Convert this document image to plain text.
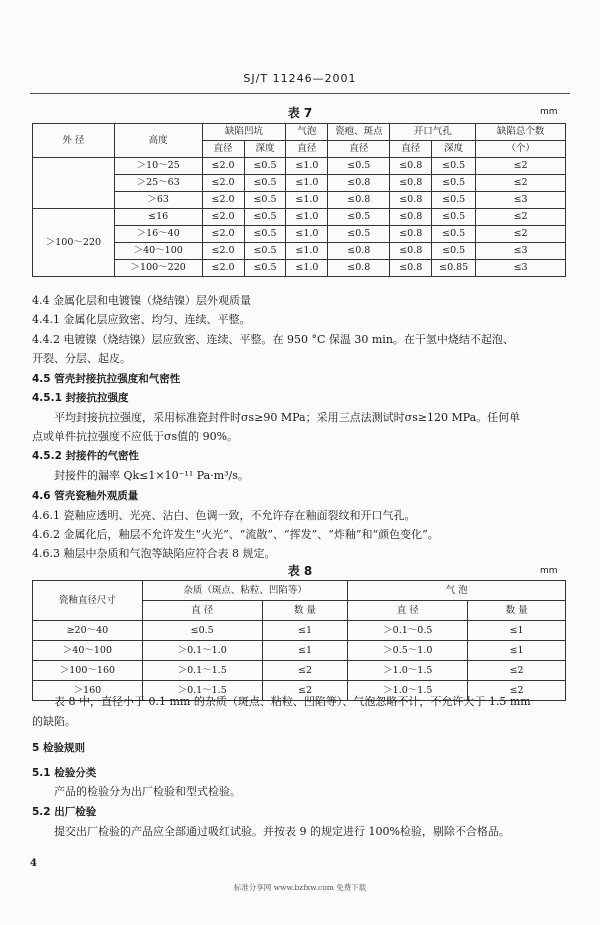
SJ/T 11246—2001
表 7	mm
外 径	高度	缺陷凹坑		气泡	瓷疱、斑点	开口气孔		缺陷总个数
		直径	深度	直径	直径	直径	深度	（个）
	＞10～25	≤2.0	≤0.5	≤1.0	≤0.5	≤0.8	≤0.5	≤2
	＞25～63	≤2.0	≤0.5	≤1.0	≤0.8	≤0.8	≤0.5	≤2
	＞63	≤2.0	≤0.5	≤1.0	≤0.8	≤0.8	≤0.5	≤3
＞100～220	≤16	≤2.0	≤0.5	≤1.0	≤0.5	≤0.8	≤0.5	≤2
	＞16～40	≤2.0	≤0.5	≤1.0	≤0.5	≤0.8	≤0.5	≤2
	＞40～100	≤2.0	≤0.5	≤1.0	≤0.8	≤0.8	≤0.5	≤3
	＞100～220	≤2.0	≤0.5	≤1.0	≤0.8	≤0.8	≤0.85	≤3
4.4 金属化层和电镀镍（烧结镍）层外观质量
4.4.1 金属化层应致密、均匀、连续、平整。
4.4.2 电镀镍（烧结镍）层应致密、连续、平整。在 950 °C 保温 30 min。在干氢中烧结不起泡、
开裂、分层、起皮。
4.5 管壳封接抗拉强度和气密性
4.5.1 封接抗拉强度
平均封接抗拉强度，采用标准瓷封件时σs≥90 MPa；采用三点法测试时σs≥120 MPa。任何单
点或单件抗拉强度不应低于σs值的 90%。
4.5.2 封接件的气密性
封接件的漏率 Qk≤1×10⁻¹¹ Pa·m³/s。
4.6 管壳瓷釉外观质量
4.6.1 瓷釉应透明、光亮、沾白、色调一致，不允许存在釉面裂纹和开口气孔。
4.6.2 金属化后，釉层不允许发生“火光”、“流散”、“挥发”、“炸釉”和“颜色变化”。
4.6.3 釉层中杂质和气泡等缺陷应符合表 8 规定。
表 8	mm
瓷釉直径尺寸	杂质（斑点、粘粒、凹陷等）		气 泡	
	直 径	数 量	直 径	数 量
≥20～40	≤0.5	≤1	＞0.1～0.5	≤1
＞40～100	＞0.1～1.0	≤1	＞0.5～1.0	≤1
＞100～160	＞0.1～1.5	≤2	＞1.0～1.5	≤2
＞160	＞0.1～1.5	≤2	＞1.0～1.5	≤2
表 8 中，直径小于 0.1 mm 的杂质（斑点、粘粒、凹陷等）、气泡忽略不计，不允许大于 1.5 mm
的缺陷。
5 检验规则
5.1 检验分类
产品的检验分为出厂检验和型式检验。
5.2 出厂检验
提交出厂检验的产品应全部通过吸红试验。并按表 9 的规定进行 100%检验，剔除不合格品。
4
标准分享网 www.bzfxw.com 免费下载
